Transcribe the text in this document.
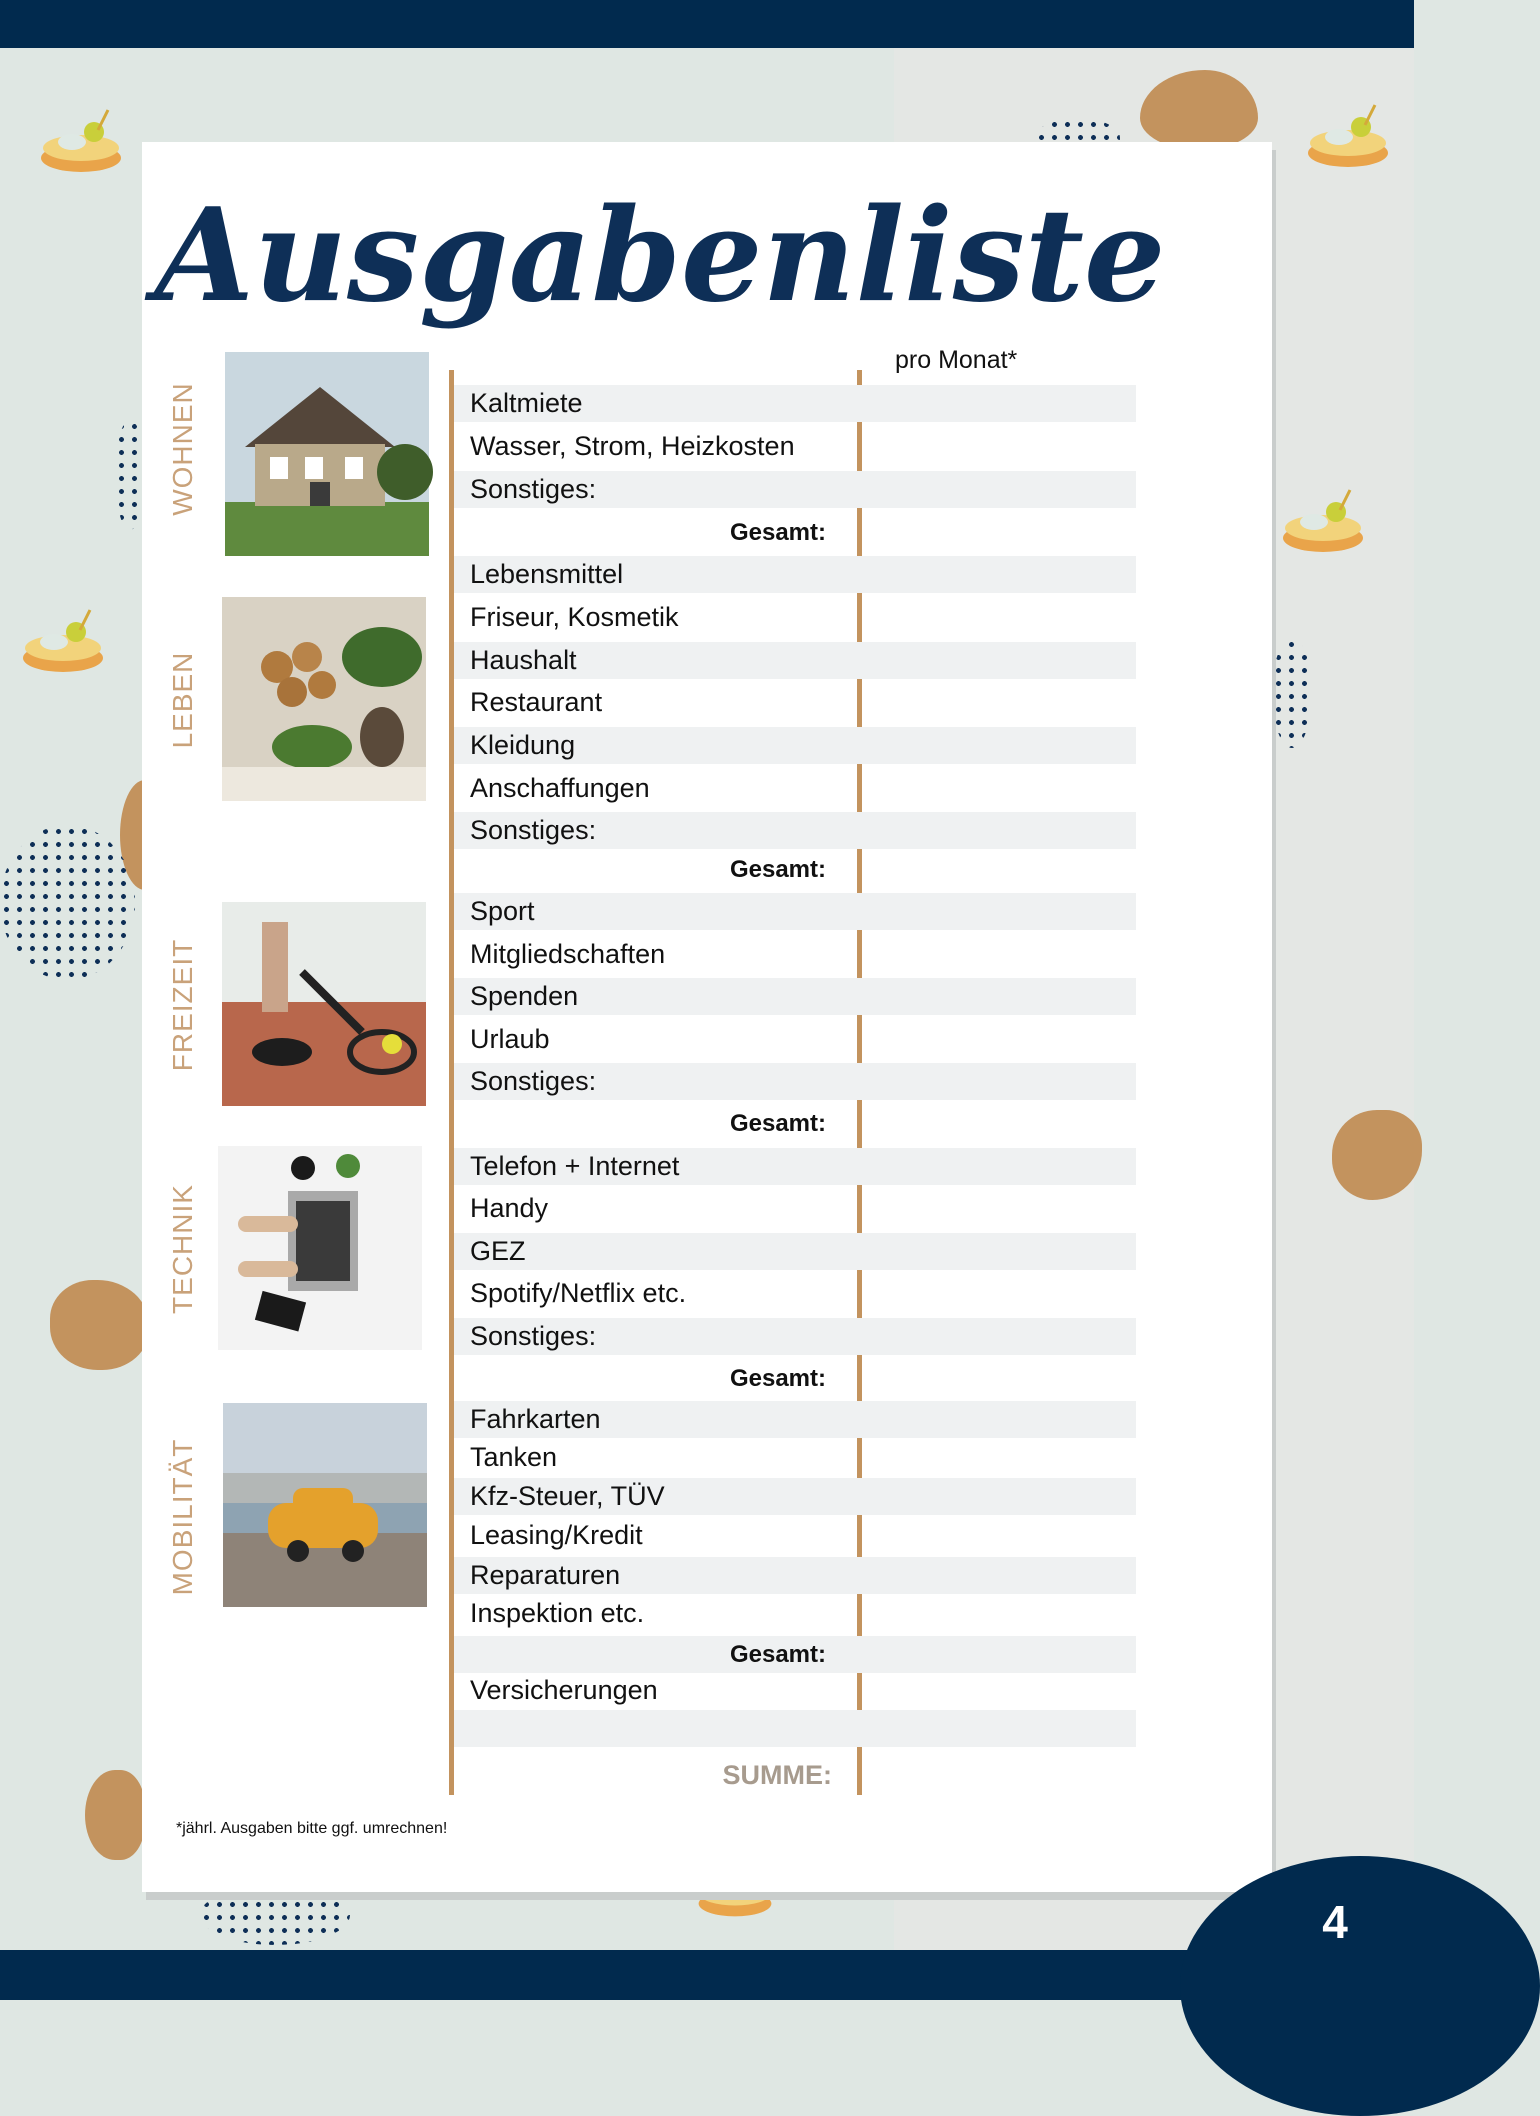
Ausgabenliste
pro Monat*
WOHNEN
LEBEN
FREIZEIT
TECHNIK
MOBILITÄT
Kaltmiete
Wasser, Strom, Heizkosten
Sonstiges:
Gesamt:
Lebensmittel
Friseur, Kosmetik
Haushalt
Restaurant
Kleidung
Anschaffungen
Sonstiges:
Gesamt:
Sport
Mitgliedschaften
Spenden
Urlaub
Sonstiges:
Gesamt:
Telefon + Internet
Handy
GEZ
Spotify/Netflix etc.
Sonstiges:
Gesamt:
Fahrkarten
Tanken
Kfz-Steuer, TÜV
Leasing/Kredit
Reparaturen
Inspektion etc.
Gesamt:
Versicherungen
SUMME:
*jährl. Ausgaben bitte ggf. umrechnen!
4
